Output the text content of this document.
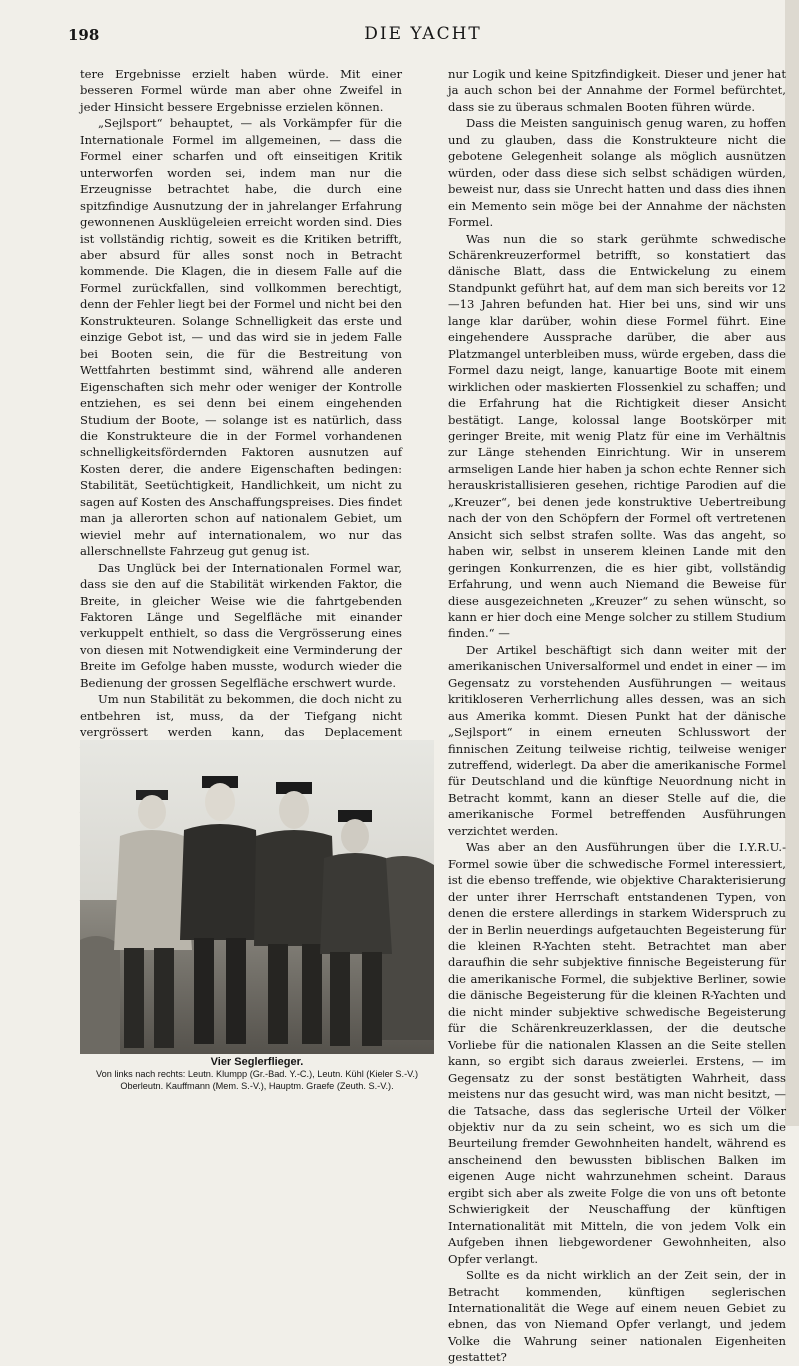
198	DIE YACHT

tere Ergebnisse erzielt haben würde. Mit einer besseren Formel würde man aber ohne Zweifel in jeder Hinsicht bessere Ergebnisse erzielen können.

„Sejlsport“ behauptet, — als Vorkämpfer für die Internationale Formel im allgemeinen, — dass die Formel einer scharfen und oft einseitigen Kritik unterworfen worden sei, indem man nur die Erzeugnisse betrachtet habe, die durch eine spitzfindige Ausnutzung der in jahrelanger Erfahrung gewonnenen Ausklügeleien erreicht worden sind. Dies ist vollständig richtig, soweit es die Kritiken betrifft, aber absurd für alles sonst noch in Betracht kommende. Die Klagen, die in diesem Falle auf die Formel zurückfallen, sind vollkommen berechtigt, denn der Fehler liegt bei der Formel und nicht bei den Konstrukteuren. Solange Schnelligkeit das erste und einzige Gebot ist, — und das wird sie in jedem Falle bei Booten sein, die für die Bestreitung von Wettfahrten bestimmt sind, während alle anderen Eigenschaften sich mehr oder weniger der Kontrolle entziehen, es sei denn bei einem eingehenden Studium der Boote, — solange ist es natürlich, dass die Konstrukteure die in der Formel vorhandenen schnelligkeitsfördernden Faktoren ausnutzen auf Kosten derer, die andere Eigenschaften bedingen: Stabilität, Seetüchtigkeit, Handlichkeit, um nicht zu sagen auf Kosten des Anschaffungspreises. Dies findet man ja allerorten schon auf nationalem Gebiet, um wieviel mehr auf internationalem, wo nur das allerschnellste Fahrzeug gut genug ist.

Das Unglück bei der Internationalen Formel war, dass sie den auf die Stabilität wirkenden Faktor, die Breite, in gleicher Weise wie die fahrtgebenden Faktoren Länge und Segelfläche mit einander verkuppelt enthielt, so dass die Vergrösserung eines von diesen mit Notwendigkeit eine Verminderung der Breite im Gefolge haben musste, wodurch wieder die Bedienung der grossen Segelfläche erschwert wurde.

Um nun Stabilität zu bekommen, die doch nicht zu entbehren ist, muss, da der Tiefgang nicht vergrössert werden kann, das Deplacement

Vier Seglerflieger.
Von links nach rechts: Leutn. Klumpp (Gr.-Bad. Y.-C.), Leutn. Kühl (Kieler S.-V.)
Oberleutn. Kauffmann (Mem. S.-V.), Hauptm. Graefe (Zeuth. S.-V.).

nur Logik und keine Spitzfindigkeit. Dieser und jener hat ja auch schon bei der Annahme der Formel befürchtet, dass sie zu überaus schmalen Booten führen würde.

Dass die Meisten sanguinisch genug waren, zu hoffen und zu glauben, dass die Konstrukteure nicht die gebotene Gelegenheit solange als möglich ausnützen würden, oder dass diese sich selbst schädigen würden, beweist nur, dass sie Unrecht hatten und dass dies ihnen ein Memento sein möge bei der Annahme der nächsten Formel.

Was nun die so stark gerühmte schwedische Schärenkreuzerformel betrifft, so konstatiert das dänische Blatt, dass die Entwickelung zu einem Standpunkt geführt hat, auf dem man sich bereits vor 12—13 Jahren befunden hat. Hier bei uns, sind wir uns lange klar darüber, wohin diese Formel führt. Eine eingehendere Aussprache darüber, die aber aus Platzmangel unterbleiben muss, würde ergeben, dass die Formel dazu neigt, lange, kanuartige Boote mit einem wirklichen oder maskierten Flossenkiel zu schaffen; und die Erfahrung hat die Richtigkeit dieser Ansicht bestätigt. Lange, kolossal lange Bootskörper mit geringer Breite, mit wenig Platz für eine im Verhältnis zur Länge stehenden Einrichtung. Wir in unserem armseligen Lande hier haben ja schon echte Renner sich herauskristallisieren gesehen, richtige Parodien auf die „Kreuzer“, bei denen jede konstruktive Uebertreibung nach der von den Schöpfern der Formel oft vertretenen Ansicht sich selbst strafen sollte. Was das angeht, so haben wir, selbst in unserem kleinen Lande mit den geringen Konkurrenzen, die es hier gibt, vollständig Erfahrung, und wenn auch Niemand die Beweise für diese ausgezeichneten „Kreuzer“ zu sehen wünscht, so kann er hier doch eine Menge solcher zu stillem Studium finden.“ —

Der Artikel beschäftigt sich dann weiter mit der amerikanischen Universalformel und endet in einer — im Gegensatz zu vorstehenden Ausführungen — weitaus kritikloseren Verherrlichung alles dessen, was an sich aus Amerika kommt. Diesen Punkt hat der dänische „Sejlsport“ in einem erneuten Schlusswort der finnischen Zeitung teilweise richtig, teilweise weniger zutreffend, widerlegt. Da aber die amerikanische Formel für Deutschland und die künftige Neuordnung nicht in Betracht kommt, kann an dieser Stelle auf die, die amerikanische Formel betreffenden Ausführungen verzichtet werden.

Was aber an den Ausführungen über die I.Y.R.U.-Formel sowie über die schwedische Formel interessiert, ist die ebenso treffende, wie objektive Charakterisierung der unter ihrer Herrschaft entstandenen Typen, von denen die erstere allerdings in starkem Widerspruch zu der in Berlin neuerdings aufgetauchten Begeisterung für die kleinen R-Yachten steht. Betrachtet man aber daraufhin die sehr subjektive finnische Begeisterung für die amerikanische Formel, die subjektive Berliner, sowie die dänische Begeisterung für die kleinen R-Yachten und die nicht minder subjektive schwedische Begeisterung für die Schärenkreuzerklassen, der die deutsche Vorliebe für die nationalen Klassen an die Seite stellen kann, so ergibt sich daraus zweierlei. Erstens, — im Gegensatz zu der sonst bestätigten Wahrheit, dass meistens nur das gesucht wird, was man nicht besitzt, — die Tatsache, dass das seglerische Urteil der Völker objektiv nur da zu sein scheint, wo es sich um die Beurteilung fremder Gewohnheiten handelt, während es anscheinend den bewussten biblischen Balken im eigenen Auge nicht wahrzunehmen scheint. Daraus ergibt sich aber als zweite Folge die von uns oft betonte Schwierigkeit der Neuschaffung der künftigen Internationalität mit Mitteln, die von jedem Volk ein Aufgeben ihnen liebgewordener Gewohnheiten, also Opfer verlangt.

Sollte es da nicht wirklich an der Zeit sein, der in Betracht kommenden, künftigen seglerischen Internationalität die Wege auf einem neuen Gebiet zu ebnen, das von Niemand Opfer verlangt, und jedem Volke die Wahrung seiner nationalen Eigenheiten gestattet?
